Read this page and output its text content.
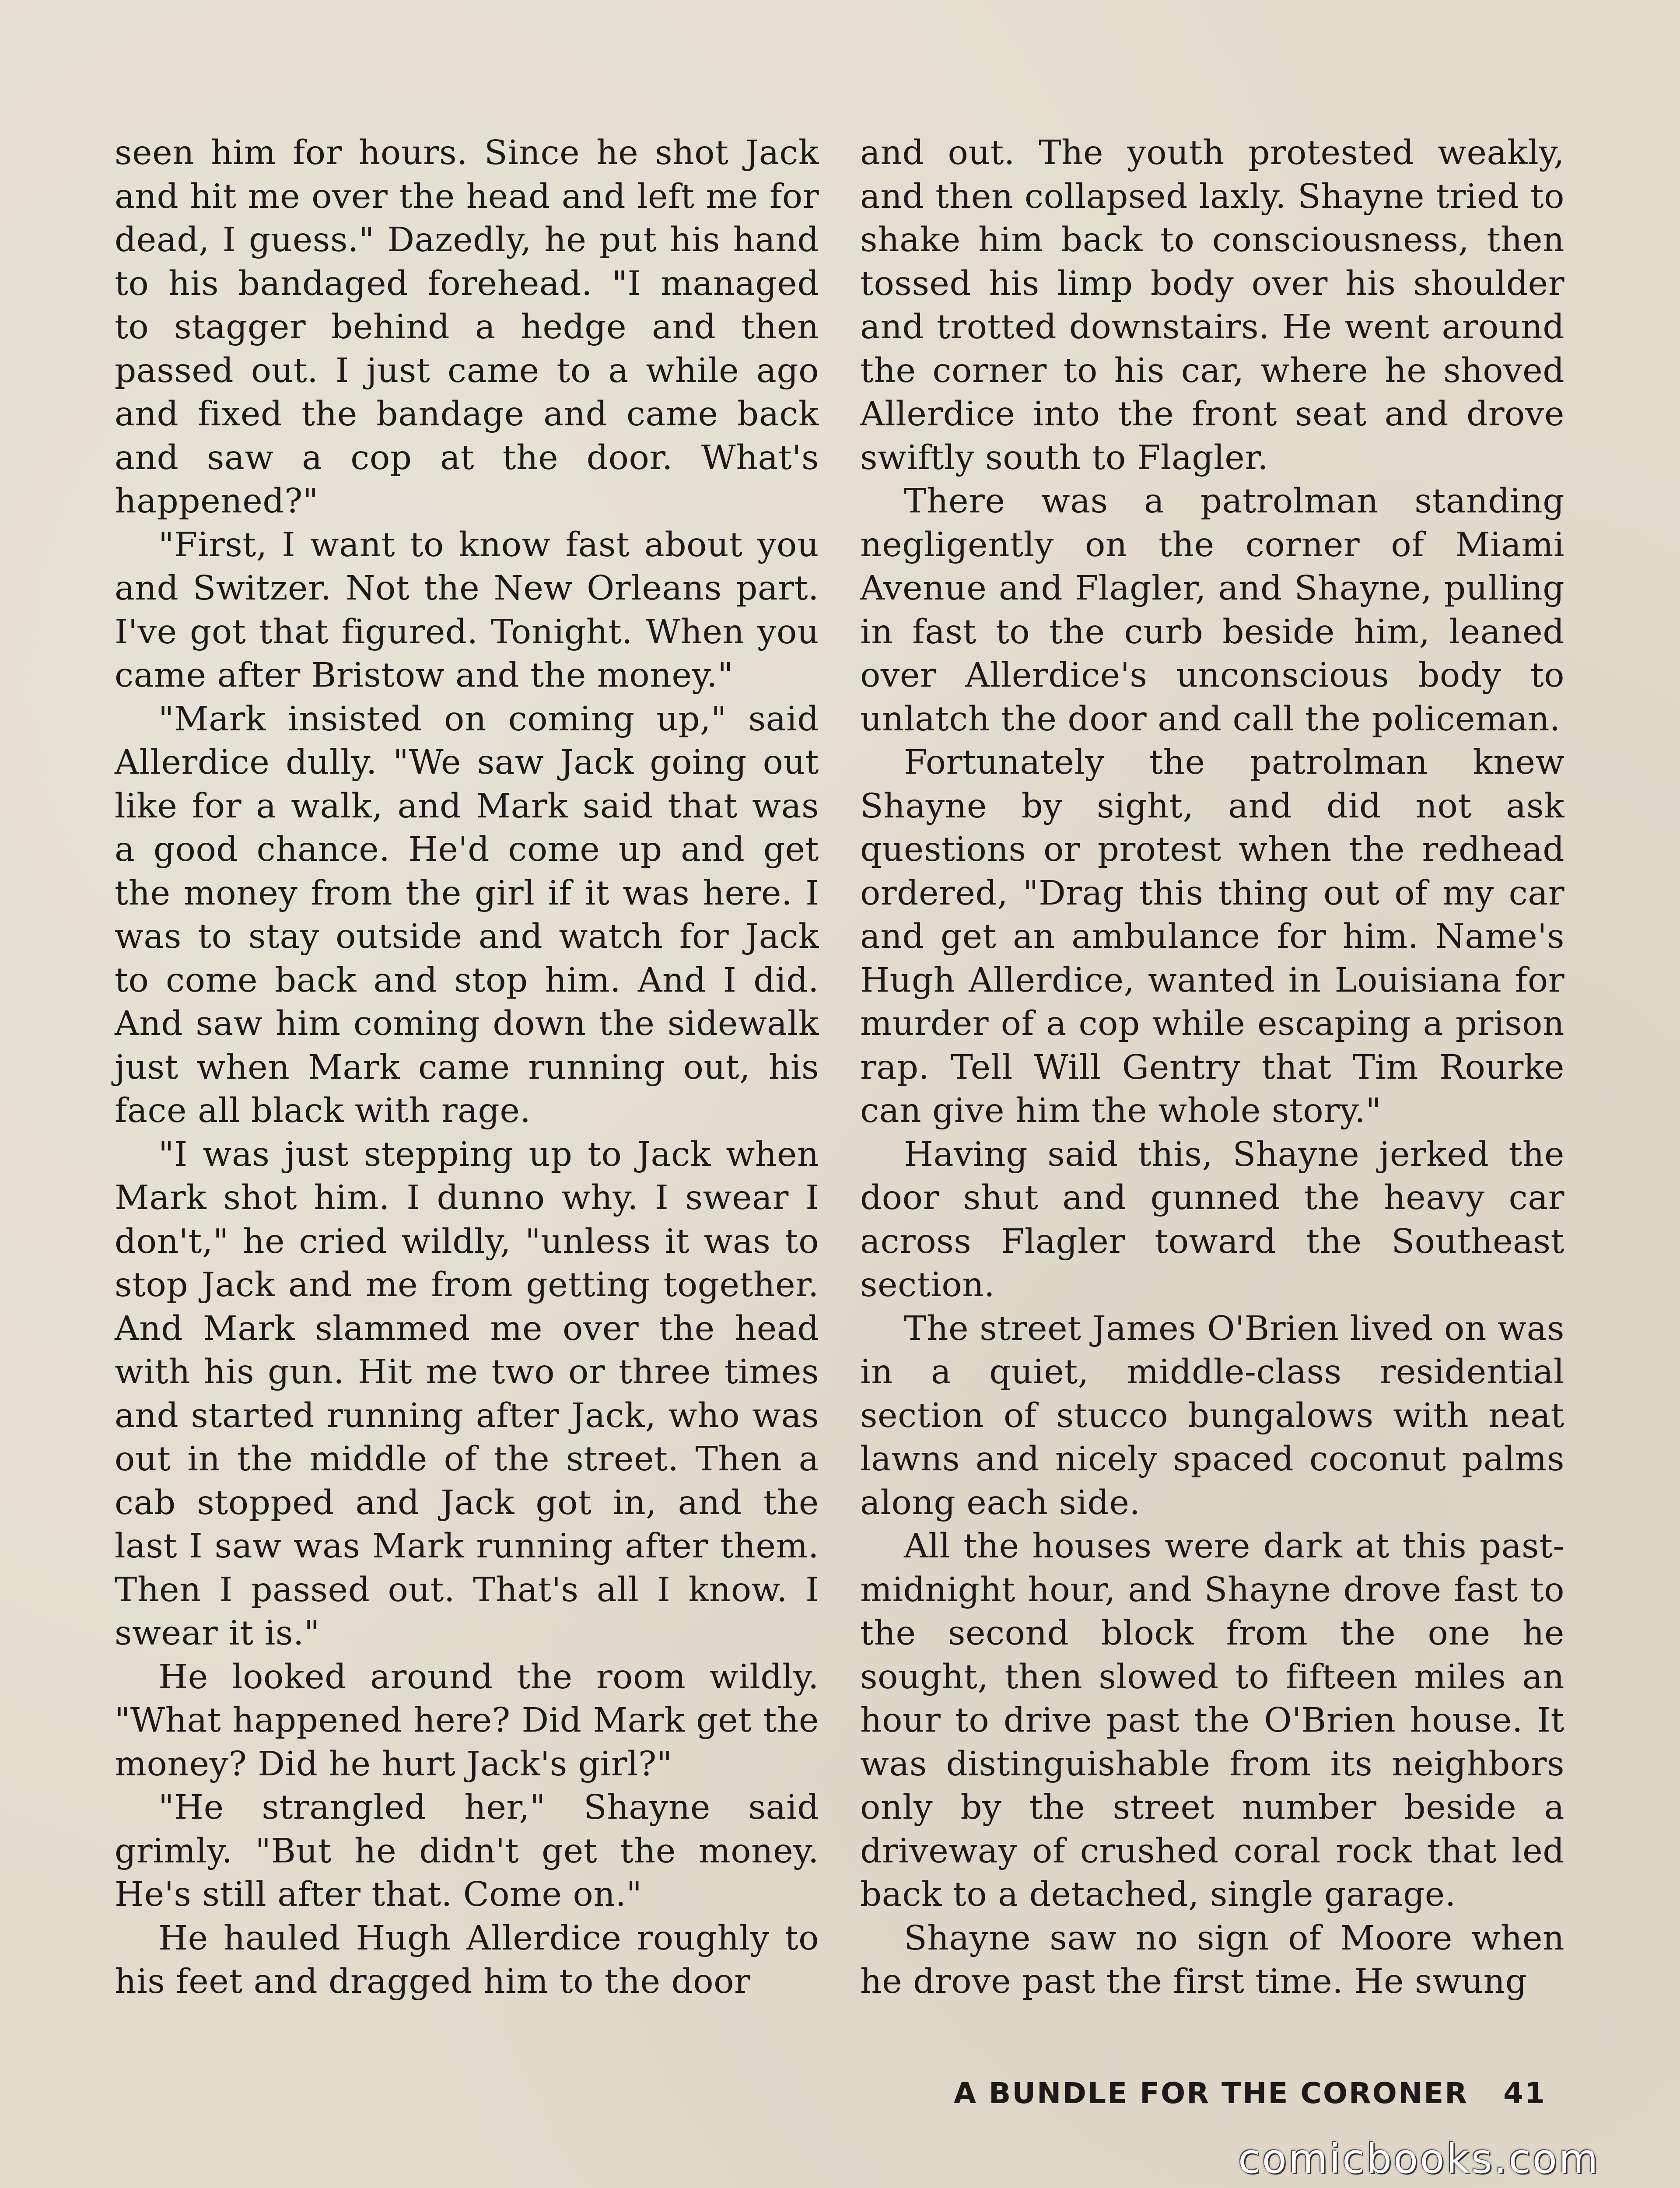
seen him for hours. Since he shot Jack and hit me over the head and left me for dead, I guess." Dazedly, he put his hand to his bandaged forehead. "I managed to stagger behind a hedge and then passed out. I just came to a while ago and fixed the bandage and came back and saw a cop at the door. What's happened?"

"First, I want to know fast about you and Switzer. Not the New Orleans part. I've got that figured. Tonight. When you came after Bristow and the money."

"Mark insisted on coming up," said Allerdice dully. "We saw Jack going out like for a walk, and Mark said that was a good chance. He'd come up and get the money from the girl if it was here. I was to stay outside and watch for Jack to come back and stop him. And I did. And saw him coming down the sidewalk just when Mark came running out, his face all black with rage.

"I was just stepping up to Jack when Mark shot him. I dunno why. I swear I don't," he cried wildly, "unless it was to stop Jack and me from getting together. And Mark slammed me over the head with his gun. Hit me two or three times and started running after Jack, who was out in the middle of the street. Then a cab stopped and Jack got in, and the last I saw was Mark running after them. Then I passed out. That's all I know. I swear it is."

He looked around the room wildly. "What happened here? Did Mark get the money? Did he hurt Jack's girl?"

"He strangled her," Shayne said grimly. "But he didn't get the money. He's still after that. Come on."

He hauled Hugh Allerdice roughly to his feet and dragged him to the door

and out. The youth protested weakly, and then collapsed laxly. Shayne tried to shake him back to consciousness, then tossed his limp body over his shoulder and trotted downstairs. He went around the corner to his car, where he shoved Allerdice into the front seat and drove swiftly south to Flagler.

There was a patrolman standing negligently on the corner of Miami Avenue and Flagler, and Shayne, pulling in fast to the curb beside him, leaned over Allerdice's unconscious body to unlatch the door and call the policeman.

Fortunately the patrolman knew Shayne by sight, and did not ask questions or protest when the redhead ordered, "Drag this thing out of my car and get an ambulance for him. Name's Hugh Allerdice, wanted in Louisiana for murder of a cop while escaping a prison rap. Tell Will Gentry that Tim Rourke can give him the whole story."

Having said this, Shayne jerked the door shut and gunned the heavy car across Flagler toward the Southeast section.

The street James O'Brien lived on was in a quiet, middle-class residential section of stucco bungalows with neat lawns and nicely spaced coconut palms along each side.

All the houses were dark at this past-midnight hour, and Shayne drove fast to the second block from the one he sought, then slowed to fifteen miles an hour to drive past the O'Brien house. It was distinguishable from its neighbors only by the street number beside a driveway of crushed coral rock that led back to a detached, single garage.

Shayne saw no sign of Moore when he drove past the first time. He swung

A BUNDLE FOR THE CORONER 41
comicbooks.com
